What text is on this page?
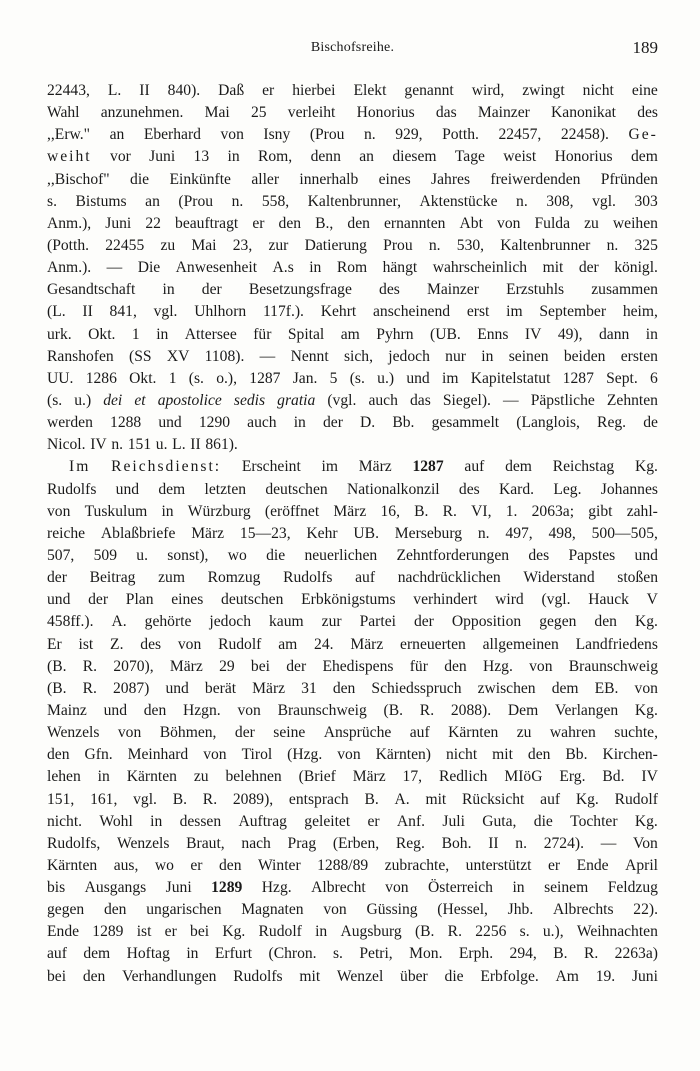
Bischofsreihe.	189
22443, L. II 840). Daß er hierbei Elekt genannt wird, zwingt nicht eine
Wahl anzunehmen. Mai 25 verleiht Honorius das Mainzer Kanonikat des
,,Erw." an Eberhard von Isny (Prou n. 929, Potth. 22457, 22458). Ge-
weiht vor Juni 13 in Rom, denn an diesem Tage weist Honorius dem
,,Bischof" die Einkünfte aller innerhalb eines Jahres freiwerdenden Pfründen
s. Bistums an (Prou n. 558, Kaltenbrunner, Aktenstücke n. 308, vgl. 303
Anm.), Juni 22 beauftragt er den B., den ernannten Abt von Fulda zu weihen
(Potth. 22455 zu Mai 23, zur Datierung Prou n. 530, Kaltenbrunner n. 325
Anm.). — Die Anwesenheit A.s in Rom hängt wahrscheinlich mit der königl.
Gesandtschaft in der Besetzungsfrage des Mainzer Erzstuhls zusammen
(L. II 841, vgl. Uhlhorn 117f.). Kehrt anscheinend erst im September heim,
urk. Okt. 1 in Attersee für Spital am Pyhrn (UB. Enns IV 49), dann in
Ranshofen (SS XV 1108). — Nennt sich, jedoch nur in seinen beiden ersten
UU. 1286 Okt. 1 (s. o.), 1287 Jan. 5 (s. u.) und im Kapitelstatut 1287 Sept. 6
(s. u.) dei et apostolice sedis gratia (vgl. auch das Siegel). — Päpstliche Zehnten
werden 1288 und 1290 auch in der D. Bb. gesammelt (Langlois, Reg. de
Nicol. IV n. 151 u. L. II 861).
Im Reichsdienst: Erscheint im März 1287 auf dem Reichstag Kg.
Rudolfs und dem letzten deutschen Nationalkonzil des Kard. Leg. Johannes
von Tuskulum in Würzburg (eröffnet März 16, B. R. VI, 1. 2063a; gibt zahl-
reiche Ablaßbriefe März 15—23, Kehr UB. Merseburg n. 497, 498, 500—505,
507, 509 u. sonst), wo die neuerlichen Zehntforderungen des Papstes und
der Beitrag zum Romzug Rudolfs auf nachdrücklichen Widerstand stoßen
und der Plan eines deutschen Erbkönigstums verhindert wird (vgl. Hauck V
458ff.). A. gehörte jedoch kaum zur Partei der Opposition gegen den Kg.
Er ist Z. des von Rudolf am 24. März erneuerten allgemeinen Landfriedens
(B. R. 2070), März 29 bei der Ehedispens für den Hzg. von Braunschweig
(B. R. 2087) und berät März 31 den Schiedsspruch zwischen dem EB. von
Mainz und den Hzgn. von Braunschweig (B. R. 2088). Dem Verlangen Kg.
Wenzels von Böhmen, der seine Ansprüche auf Kärnten zu wahren suchte,
den Gfn. Meinhard von Tirol (Hzg. von Kärnten) nicht mit den Bb. Kirchen-
lehen in Kärnten zu belehnen (Brief März 17, Redlich MIöG Erg. Bd. IV
151, 161, vgl. B. R. 2089), entsprach B. A. mit Rücksicht auf Kg. Rudolf
nicht. Wohl in dessen Auftrag geleitet er Anf. Juli Guta, die Tochter Kg.
Rudolfs, Wenzels Braut, nach Prag (Erben, Reg. Boh. II n. 2724). — Von
Kärnten aus, wo er den Winter 1288/89 zubrachte, unterstützt er Ende April
bis Ausgangs Juni 1289 Hzg. Albrecht von Österreich in seinem Feldzug
gegen den ungarischen Magnaten von Güssing (Hessel, Jhb. Albrechts 22).
Ende 1289 ist er bei Kg. Rudolf in Augsburg (B. R. 2256 s. u.), Weihnachten
auf dem Hoftag in Erfurt (Chron. s. Petri, Mon. Erph. 294, B. R. 2263a)
bei den Verhandlungen Rudolfs mit Wenzel über die Erbfolge. Am 19. Juni
